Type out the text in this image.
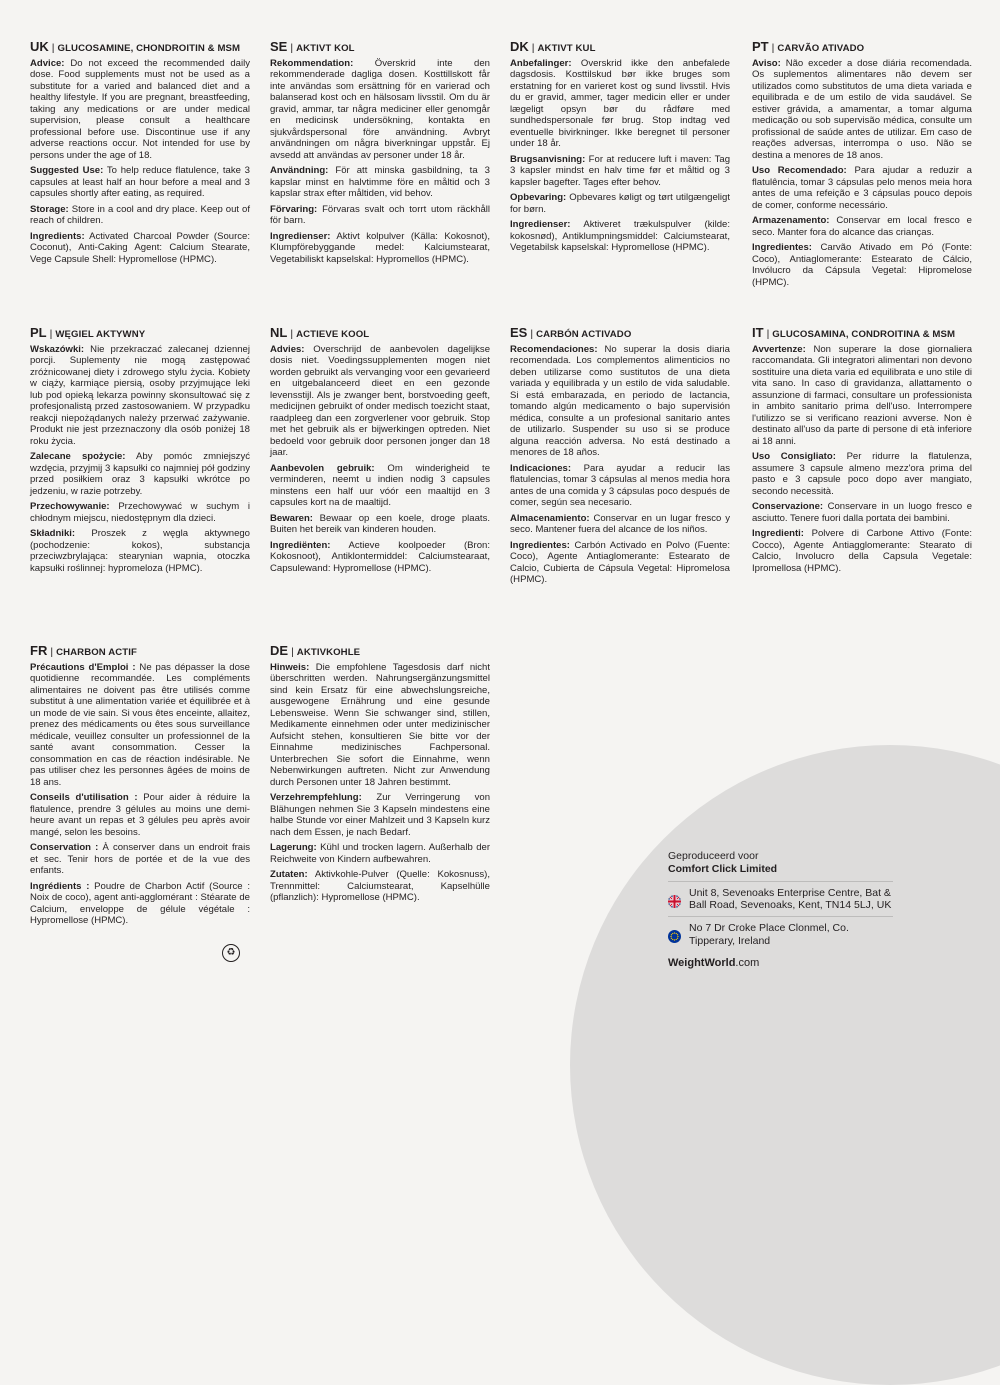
UK | GLUCOSAMINE, CHONDROITIN & MSM

Advice: Do not exceed the recommended daily dose. Food supplements must not be used as a substitute for a varied and balanced diet and a healthy lifestyle. If you are pregnant, breastfeeding, taking any medications or are under medical supervision, please consult a healthcare professional before use. Discontinue use if any adverse reactions occur. Not intended for use by persons under the age of 18.

Suggested Use: To help reduce flatulence, take 3 capsules at least half an hour before a meal and 3 capsules shortly after eating, as required.

Storage: Store in a cool and dry place. Keep out of reach of children.

Ingredients: Activated Charcoal Powder (Source: Coconut), Anti-Caking Agent: Calcium Stearate, Vege Capsule Shell: Hypromellose (HPMC).

SE | AKTIVT KOL

Rekommendation: Överskrid inte den rekommenderade dagliga dosen. Kosttillskott får inte användas som ersättning för en varierad och balanserad kost och en hälsosam livsstil. Om du är gravid, ammar, tar några mediciner eller genomgår en medicinsk undersökning, kontakta en sjukvårdspersonal före användning. Avbryt användningen om några biverkningar uppstår. Ej avsedd att användas av personer under 18 år.

Användning: För att minska gasbildning, ta 3 kapslar minst en halvtimme före en måltid och 3 kapslar strax efter måltiden, vid behov.

Förvaring: Förvaras svalt och torrt utom räckhåll för barn.

Ingredienser: Aktivt kolpulver (Källa: Kokosnot), Klumpförebyggande medel: Kalciumstearat, Vegetabiliskt kapselskal: Hypromellos (HPMC).

DK | AKTIVT KUL

Anbefalinger: Overskrid ikke den anbefalede dagsdosis. Kosttilskud bør ikke bruges som erstatning for en varieret kost og sund livsstil. Hvis du er gravid, ammer, tager medicin eller er under lægeligt opsyn bør du rådføre med sundhedspersonale før brug. Stop indtag ved eventuelle bivirkninger. Ikke beregnet til personer under 18 år.

Brugsanvisning: For at reducere luft i maven: Tag 3 kapsler mindst en halv time før et måltid og 3 kapsler bagefter. Tages efter behov.

Opbevaring: Opbevares køligt og tørt utilgængeligt for børn.

Ingredienser: Aktiveret trækulspulver (kilde: kokosnød), Antiklumpningsmiddel: Calciumstearat, Vegetabilsk kapselskal: Hypromellose (HPMC).

PT | CARVÃO ATIVADO

Aviso: Não exceder a dose diária recomendada. Os suplementos alimentares não devem ser utilizados como substitutos de uma dieta variada e equilibrada e de um estilo de vida saudável. Se estiver grávida, a amamentar, a tomar alguma medicação ou sob supervisão médica, consulte um profissional de saúde antes de utilizar. Em caso de reações adversas, interrompa o uso. Não se destina a menores de 18 anos.

Uso Recomendado: Para ajudar a reduzir a flatulência, tomar 3 cápsulas pelo menos meia hora antes de uma refeição e 3 cápsulas pouco depois de comer, conforme necessário.

Armazenamento: Conservar em local fresco e seco. Manter fora do alcance das crianças.

Ingredientes: Carvão Ativado em Pó (Fonte: Coco), Antiaglomerante: Estearato de Cálcio, Invólucro da Cápsula Vegetal: Hipromelose (HPMC).

PL | WĘGIEL AKTYWNY

Wskazówki: Nie przekraczać zalecanej dziennej porcji. Suplementy nie mogą zastępować zróżnicowanej diety i zdrowego stylu życia. Kobiety w ciąży, karmiące piersią, osoby przyjmujące leki lub pod opieką lekarza powinny skonsultować się z profesjonalistą przed zastosowaniem. W przypadku reakcji niepożądanych należy przerwać zażywanie. Produkt nie jest przeznaczony dla osób poniżej 18 roku życia.

Zalecane spożycie: Aby pomóc zmniejszyć wzdęcia, przyjmij 3 kapsułki co najmniej pół godziny przed posiłkiem oraz 3 kapsułki wkrótce po jedzeniu, w razie potrzeby.

Przechowywanie: Przechowywać w suchym i chłodnym miejscu, niedostępnym dla dzieci.

Składniki: Proszek z węgla aktywnego (pochodzenie: kokos), substancja przeciwzbrylająca: stearynian wapnia, otoczka kapsułki roślinnej: hypromeloza (HPMC).

NL | ACTIEVE KOOL

Advies: Overschrijd de aanbevolen dagelijkse dosis niet. Voedingssupplementen mogen niet worden gebruikt als vervanging voor een gevarieerd en uitgebalanceerd dieet en een gezonde levensstijl. Als je zwanger bent, borstvoeding geeft, medicijnen gebruikt of onder medisch toezicht staat, raadpleeg dan een zorgverlener voor gebruik. Stop met het gebruik als er bijwerkingen optreden. Niet bedoeld voor gebruik door personen jonger dan 18 jaar.

Aanbevolen gebruik: Om winderigheid te verminderen, neemt u indien nodig 3 capsules minstens een half uur vóór een maaltijd en 3 capsules kort na de maaltijd.

Bewaren: Bewaar op een koele, droge plaats. Buiten het bereik van kinderen houden.

Ingrediënten: Actieve koolpoeder (Bron: Kokosnoot), Antiklontermiddel: Calciumstearaat, Capsulewand: Hypromellose (HPMC).

ES | CARBÓN ACTIVADO

Recomendaciones: No superar la dosis diaria recomendada. Los complementos alimenticios no deben utilizarse como sustitutos de una dieta variada y equilibrada y un estilo de vida saludable. Si está embarazada, en periodo de lactancia, tomando algún medicamento o bajo supervisión médica, consulte a un profesional sanitario antes de utilizarlo. Suspender su uso si se produce alguna reacción adversa. No está destinado a menores de 18 años.

Indicaciones: Para ayudar a reducir las flatulencias, tomar 3 cápsulas al menos media hora antes de una comida y 3 cápsulas poco después de comer, según sea necesario.

Almacenamiento: Conservar en un lugar fresco y seco. Mantener fuera del alcance de los niños.

Ingredientes: Carbón Activado en Polvo (Fuente: Coco), Agente Antiaglomerante: Estearato de Calcio, Cubierta de Cápsula Vegetal: Hipromelosa (HPMC).

IT | GLUCOSAMINA, CONDROITINA & MSM

Avvertenze: Non superare la dose giornaliera raccomandata. Gli integratori alimentari non devono sostituire una dieta varia ed equilibrata e uno stile di vita sano. In caso di gravidanza, allattamento o assunzione di farmaci, consultare un professionista in ambito sanitario prima dell'uso. Interrompere l'utilizzo se si verificano reazioni avverse. Non è destinato all'uso da parte di persone di età inferiore ai 18 anni.

Uso Consigliato: Per ridurre la flatulenza, assumere 3 capsule almeno mezz'ora prima del pasto e 3 capsule poco dopo aver mangiato, secondo necessità.

Conservazione: Conservare in un luogo fresco e asciutto. Tenere fuori dalla portata dei bambini.

Ingredienti: Polvere di Carbone Attivo (Fonte: Cocco), Agente Antiagglomerante: Stearato di Calcio, Involucro della Capsula Vegetale: Ipromellosa (HPMC).

FR | CHARBON ACTIF

Précautions d'Emploi : Ne pas dépasser la dose quotidienne recommandée. Les compléments alimentaires ne doivent pas être utilisés comme substitut à une alimentation variée et équilibrée et à un mode de vie sain. Si vous êtes enceinte, allaitez, prenez des médicaments ou êtes sous surveillance médicale, veuillez consulter un professionnel de la santé avant consommation. Cesser la consommation en cas de réaction indésirable. Ne pas utiliser chez les personnes âgées de moins de 18 ans.

Conseils d'utilisation : Pour aider à réduire la flatulence, prendre 3 gélules au moins une demi-heure avant un repas et 3 gélules peu après avoir mangé, selon les besoins.

Conservation : À conserver dans un endroit frais et sec. Tenir hors de portée et de la vue des enfants.

Ingrédients : Poudre de Charbon Actif (Source : Noix de coco), agent anti-agglomérant : Stéarate de Calcium, enveloppe de gélule végétale : Hypromellose (HPMC).

DE | AKTIVKOHLE

Hinweis: Die empfohlene Tagesdosis darf nicht überschritten werden. Nahrungsergänzungsmittel sind kein Ersatz für eine abwechslungsreiche, ausgewogene Ernährung und eine gesunde Lebensweise. Wenn Sie schwanger sind, stillen, Medikamente einnehmen oder unter medizinischer Aufsicht stehen, konsultieren Sie bitte vor der Einnahme medizinisches Fachpersonal. Unterbrechen Sie sofort die Einnahme, wenn Nebenwirkungen auftreten. Nicht zur Anwendung durch Personen unter 18 Jahren bestimmt.

Verzehrempfehlung: Zur Verringerung von Blähungen nehmen Sie 3 Kapseln mindestens eine halbe Stunde vor einer Mahlzeit und 3 Kapseln kurz nach dem Essen, je nach Bedarf.

Lagerung: Kühl und trocken lagern. Außerhalb der Reichweite von Kindern aufbewahren.

Zutaten: Aktivkohle-Pulver (Quelle: Kokosnuss), Trennmittel: Calciumstearat, Kapselhülle (pflanzlich): Hypromellose (HPMC).

♻

Geproduceerd voor

Comfort Click Limited

Unit 8, Sevenoaks Enterprise Centre, Bat & Ball Road, Sevenoaks, Kent, TN14 5LJ, UK
No 7 Dr Croke Place Clonmel, Co. Tipperary, Ireland
WeightWorld.com
